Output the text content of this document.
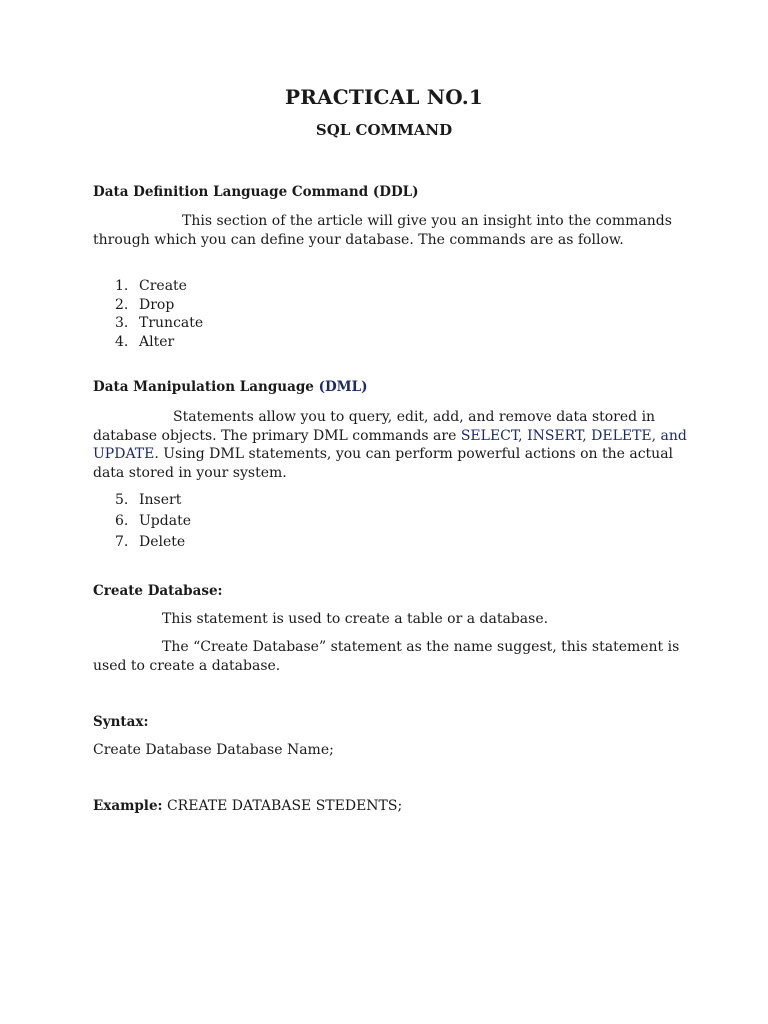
PRACTICAL NO.1
SQL COMMAND
Data Definition Language Command (DDL)
This section of the article will give you an insight into the commands through which you can define your database. The commands are as follow.
1. Create
2. Drop
3. Truncate
4. Alter
Data Manipulation Language (DML)
Statements allow you to query, edit, add, and remove data stored in database objects. The primary DML commands are SELECT, INSERT, DELETE, and UPDATE. Using DML statements, you can perform powerful actions on the actual data stored in your system.
5. Insert
6. Update
7. Delete
Create Database:
This statement is used to create a table or a database.
The “Create Database” statement as the name suggest, this statement is used to create a database.
Syntax:
Create Database Database Name;
Example: CREATE DATABASE STEDENTS;
